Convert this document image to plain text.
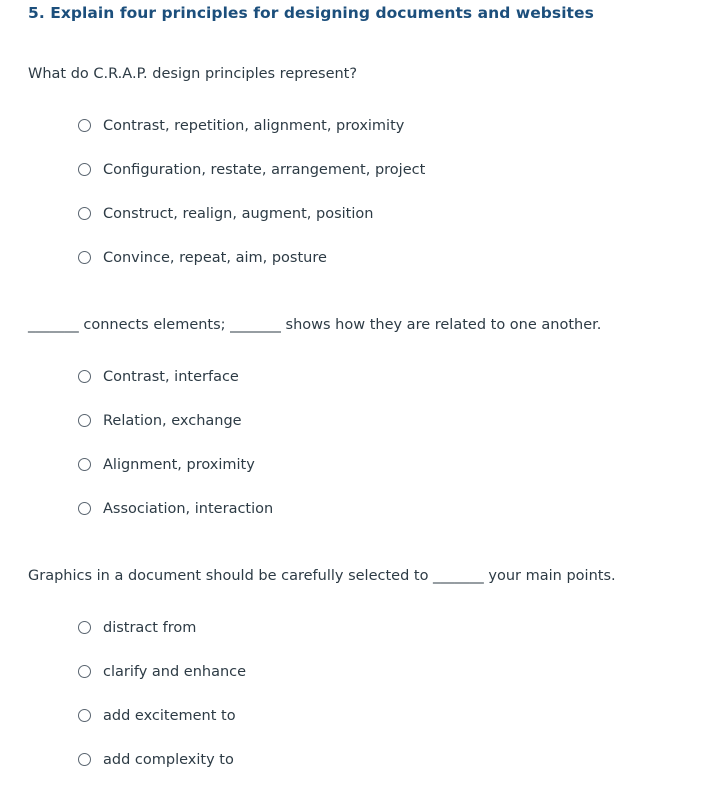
5. Explain four principles for designing documents and websites
What do C.R.A.P. design principles represent?
Contrast, repetition, alignment, proximity
Configuration, restate, arrangement, project
Construct, realign, augment, position
Convince, repeat, aim, posture
_______ connects elements; _______ shows how they are related to one another.
Contrast, interface
Relation, exchange
Alignment, proximity
Association, interaction
Graphics in a document should be carefully selected to _______ your main points.
distract from
clarify and enhance
add excitement to
add complexity to
